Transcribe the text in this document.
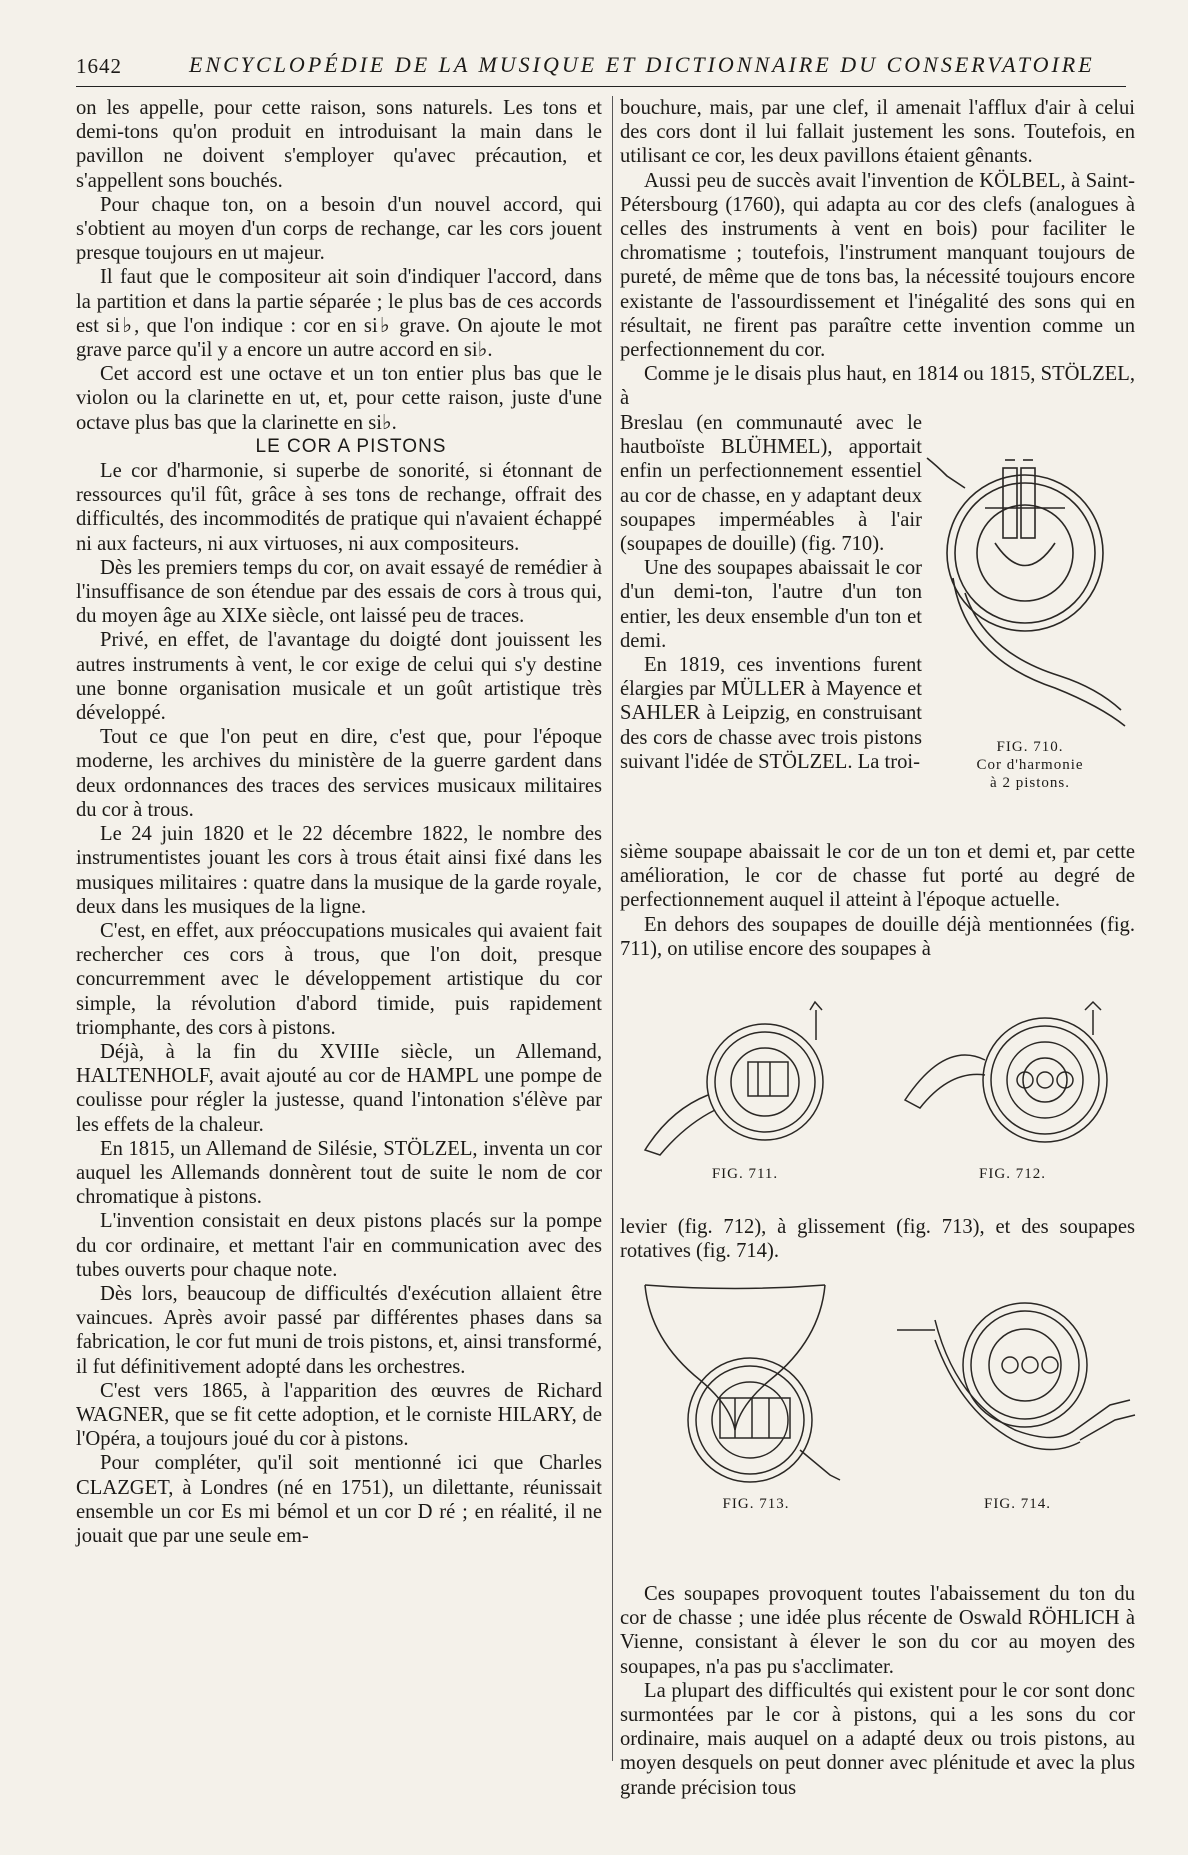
1642	ENCYCLOPÉDIE DE LA MUSIQUE ET DICTIONNAIRE DU CONSERVATOIRE

on les appelle, pour cette raison, sons naturels. Les tons et demi-tons qu'on produit en introduisant la main dans le pavillon ne doivent s'employer qu'avec précaution, et s'appellent sons bouchés.

Pour chaque ton, on a besoin d'un nouvel accord, qui s'obtient au moyen d'un corps de rechange, car les cors jouent presque toujours en ut majeur.

Il faut que le compositeur ait soin d'indiquer l'accord, dans la partition et dans la partie séparée ; le plus bas de ces accords est si♭, que l'on indique : cor en si♭ grave. On ajoute le mot grave parce qu'il y a encore un autre accord en si♭.

Cet accord est une octave et un ton entier plus bas que le violon ou la clarinette en ut, et, pour cette raison, juste d'une octave plus bas que la clarinette en si♭.

LE COR A PISTONS

Le cor d'harmonie, si superbe de sonorité, si étonnant de ressources qu'il fût, grâce à ses tons de rechange, offrait des difficultés, des incommodités de pratique qui n'avaient échappé ni aux facteurs, ni aux virtuoses, ni aux compositeurs.

Dès les premiers temps du cor, on avait essayé de remédier à l'insuffisance de son étendue par des essais de cors à trous qui, du moyen âge au XIXe siècle, ont laissé peu de traces.

Privé, en effet, de l'avantage du doigté dont jouissent les autres instruments à vent, le cor exige de celui qui s'y destine une bonne organisation musicale et un goût artistique très développé.

Tout ce que l'on peut en dire, c'est que, pour l'époque moderne, les archives du ministère de la guerre gardent dans deux ordonnances des traces des services musicaux militaires du cor à trous.

Le 24 juin 1820 et le 22 décembre 1822, le nombre des instrumentistes jouant les cors à trous était ainsi fixé dans les musiques militaires : quatre dans la musique de la garde royale, deux dans les musiques de la ligne.

C'est, en effet, aux préoccupations musicales qui avaient fait rechercher ces cors à trous, que l'on doit, presque concurremment avec le développement artistique du cor simple, la révolution d'abord timide, puis rapidement triomphante, des cors à pistons.

Déjà, à la fin du XVIIIe siècle, un Allemand, HALTENHOLF, avait ajouté au cor de HAMPL une pompe de coulisse pour régler la justesse, quand l'intonation s'élève par les effets de la chaleur.

En 1815, un Allemand de Silésie, STÖLZEL, inventa un cor auquel les Allemands donnèrent tout de suite le nom de cor chromatique à pistons.

L'invention consistait en deux pistons placés sur la pompe du cor ordinaire, et mettant l'air en communication avec des tubes ouverts pour chaque note.

Dès lors, beaucoup de difficultés d'exécution allaient être vaincues. Après avoir passé par différentes phases dans sa fabrication, le cor fut muni de trois pistons, et, ainsi transformé, il fut définitivement adopté dans les orchestres.

C'est vers 1865, à l'apparition des œuvres de Richard WAGNER, que se fit cette adoption, et le corniste HILARY, de l'Opéra, a toujours joué du cor à pistons.

Pour compléter, qu'il soit mentionné ici que Charles CLAZGET, à Londres (né en 1751), un dilettante, réunissait ensemble un cor Es mi bémol et un cor D ré ; en réalité, il ne jouait que par une seule em-

bouchure, mais, par une clef, il amenait l'afflux d'air à celui des cors dont il lui fallait justement les sons. Toutefois, en utilisant ce cor, les deux pavillons étaient gênants.

Aussi peu de succès avait l'invention de KÖLBEL, à Saint-Pétersbourg (1760), qui adapta au cor des clefs (analogues à celles des instruments à vent en bois) pour faciliter le chromatisme ; toutefois, l'instrument manquant toujours de pureté, de même que de tons bas, la nécessité toujours encore existante de l'assourdissement et l'inégalité des sons qui en résultait, ne firent pas paraître cette invention comme un perfectionnement du cor.

Comme je le disais plus haut, en 1814 ou 1815, STÖLZEL, à

Breslau (en communauté avec le hautboïste BLÜHMEL), apportait enfin un perfectionnement essentiel au cor de chasse, en y adaptant deux soupapes imperméables à l'air (soupapes de douille) (fig. 710).

Une des soupapes abaissait le cor d'un demi-ton, l'autre d'un ton entier, les deux ensemble d'un ton et demi.

En 1819, ces inventions furent élargies par MÜLLER à Mayence et SAHLER à Leipzig, en construisant des cors de chasse avec trois pistons suivant l'idée de STÖLZEL. La troi-

sième soupape abaissait le cor de un ton et demi et, par cette amélioration, le cor de chasse fut porté au degré de perfectionnement auquel il atteint à l'époque actuelle.

En dehors des soupapes de douille déjà mentionnées (fig. 711), on utilise encore des soupapes à

levier (fig. 712), à glissement (fig. 713), et des soupapes rotatives (fig. 714).

Ces soupapes provoquent toutes l'abaissement du ton du cor de chasse ; une idée plus récente de Oswald RÖHLICH à Vienne, consistant à élever le son du cor au moyen des soupapes, n'a pas pu s'acclimater.

La plupart des difficultés qui existent pour le cor sont donc surmontées par le cor à pistons, qui a les sons du cor ordinaire, mais auquel on a adapté deux ou trois pistons, au moyen desquels on peut donner avec plénitude et avec la plus grande précision tous

FIG. 710.
Cor d'harmonie
à 2 pistons.
FIG. 711.	FIG. 712.
FIG. 713.	FIG. 714.
